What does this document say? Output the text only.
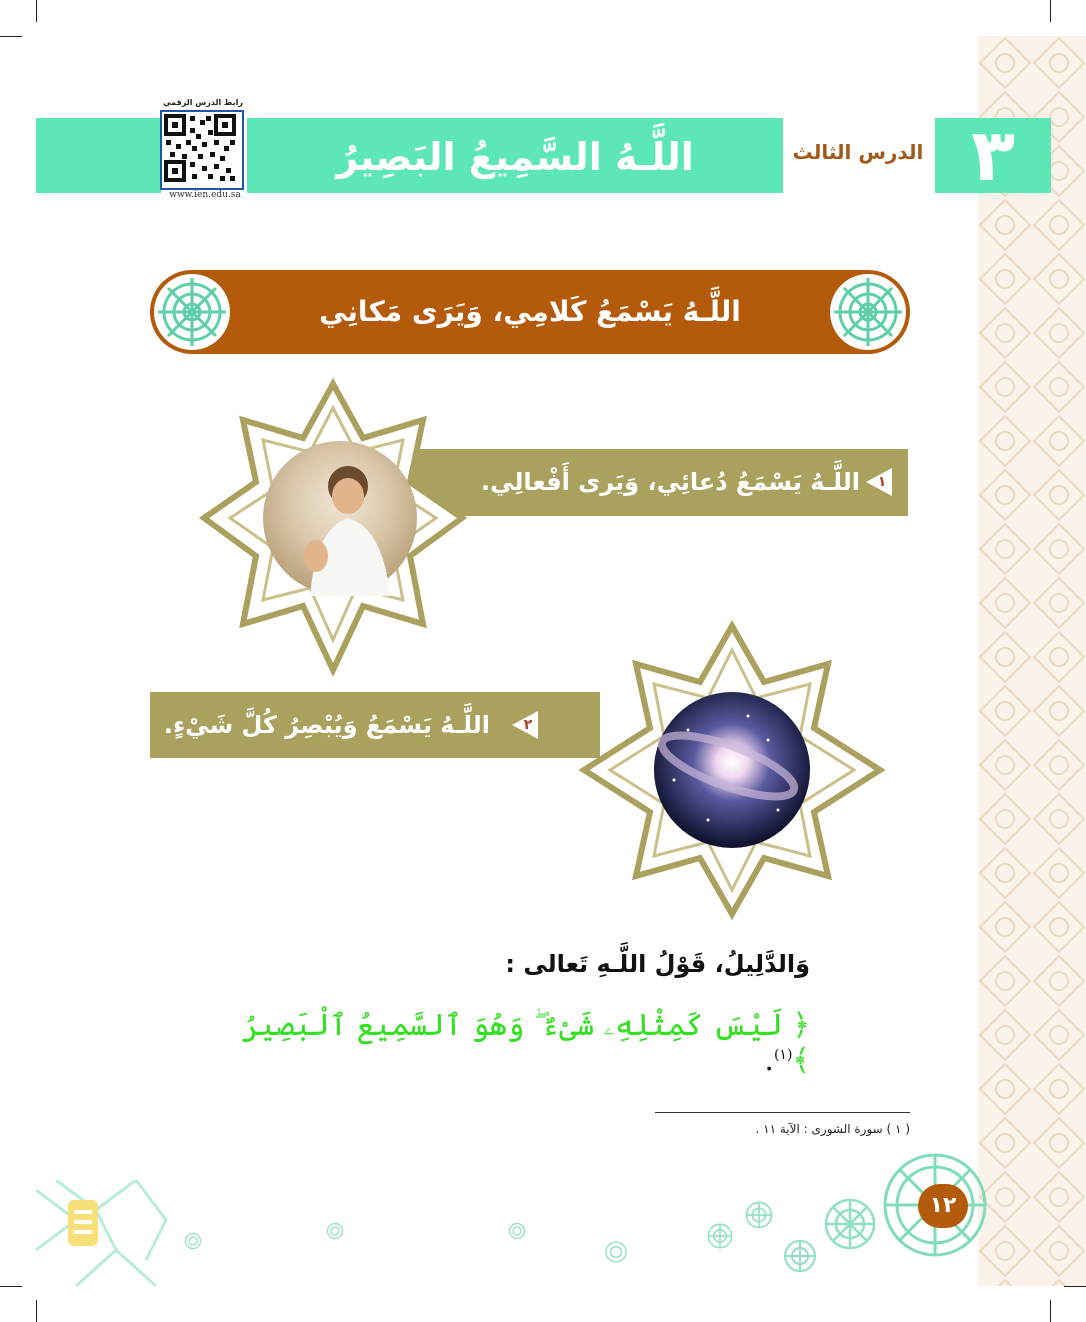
اللَّـهُ السَّمِيعُ البَصِيرُ	الدرس الثالث ٣
رابط الدرس الرقمي
www.ien.edu.sa
اللَّـهُ يَسْمَعُ كَلامِي، وَيَرَى مَكانِي
اللَّـهُ يَسْمَعُ دُعائِي، وَيَرى أَفْعالِي.	١
اللَّـهُ يَسْمَعُ وَيُبْصِرُ كُلَّ شَيْءٍ.	٢
وَالدَّلِيلُ، قَوْلُ اللَّـهِ تَعالى :
﴿ لَيْسَ كَمِثْلِهِۦ شَىْءٌ ۖ وَهُوَ ٱلسَّمِيعُ ٱلْبَصِيرُ ﴾$^{(١)}$.
( ١ ) سورة الشورى : الآية ١١ .
١٢
